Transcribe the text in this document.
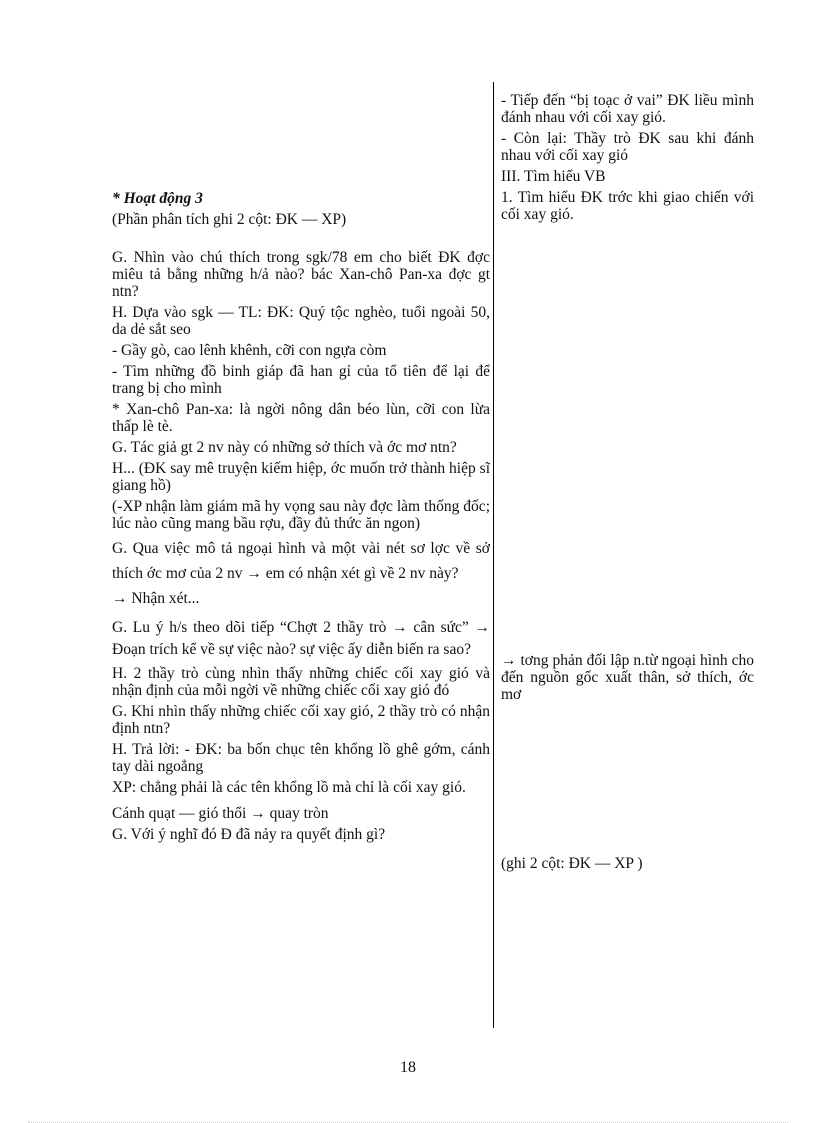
* Hoạt động 3

(Phần phân tích ghi 2 cột: ĐK — XP)

G. Nhìn vào chú thích trong sgk/78 em cho biết ĐK đợc miêu tả bằng những h/ả nào? bác Xan-chô Pan-xa đợc gt ntn?

H. Dựa vào sgk — TL: ĐK: Quý tộc nghèo, tuổi ngoài 50, da dẻ sắt seo

- Gầy gò, cao lênh khênh, cỡi con ngựa còm

- Tìm những đồ binh giáp đã han gỉ của tổ tiên để lại để trang bị cho mình

* Xan-chô Pan-xa: là ngời nông dân béo lùn, cỡi con lừa thấp lè tè.

G. Tác giả gt 2 nv này có những sở thích và ớc mơ ntn?

H... (ĐK say mê truyện kiếm hiệp, ớc muốn trở thành hiệp sĩ giang hồ)

(-XP nhận làm giám mã hy vọng sau này đợc làm thống đốc; lúc nào cũng mang bầu rợu, đầy đủ thức ăn ngon)

G. Qua việc mô tả ngoại hình và một vài nét sơ lợc về sở thích ớc mơ của 2 nv → em có nhận xét gì về 2 nv này?

→ Nhận xét...

G. Lu ý h/s theo dõi tiếp “Chợt 2 thầy trò → cân sức” → Đoạn trích kể về sự việc nào? sự việc ấy diễn biến ra sao?

H. 2 thầy trò cùng nhìn thấy những chiếc cối xay gió và nhận định của mỗi ngời về những chiếc cối xay gió đó

G. Khi nhìn thấy những chiếc cối xay gió, 2 thầy trò có nhận định ntn?

H. Trả lời: - ĐK: ba bốn chục tên khổng lồ ghê gớm, cánh tay dài ngoẳng

XP: chẳng phải là các tên khổng lồ mà chỉ là cối xay gió.

Cánh quạt — gió thổi → quay tròn

G. Với ý nghĩ đó Đ đã nảy ra quyết định gì?

- Tiếp đến “bị toạc ở vai” ĐK liều mình đánh nhau với cối xay gió.

- Còn lại: Thầy trò ĐK sau khi đánh nhau với cối xay gió

III. Tìm hiểu VB

1. Tìm hiểu ĐK trớc khi giao chiến với cối xay gió.

→ tơng phản đối lập n.từ ngoại hình cho đến nguồn gốc xuất thân, sở thích, ớc mơ

(ghi 2 cột: ĐK — XP )

18
